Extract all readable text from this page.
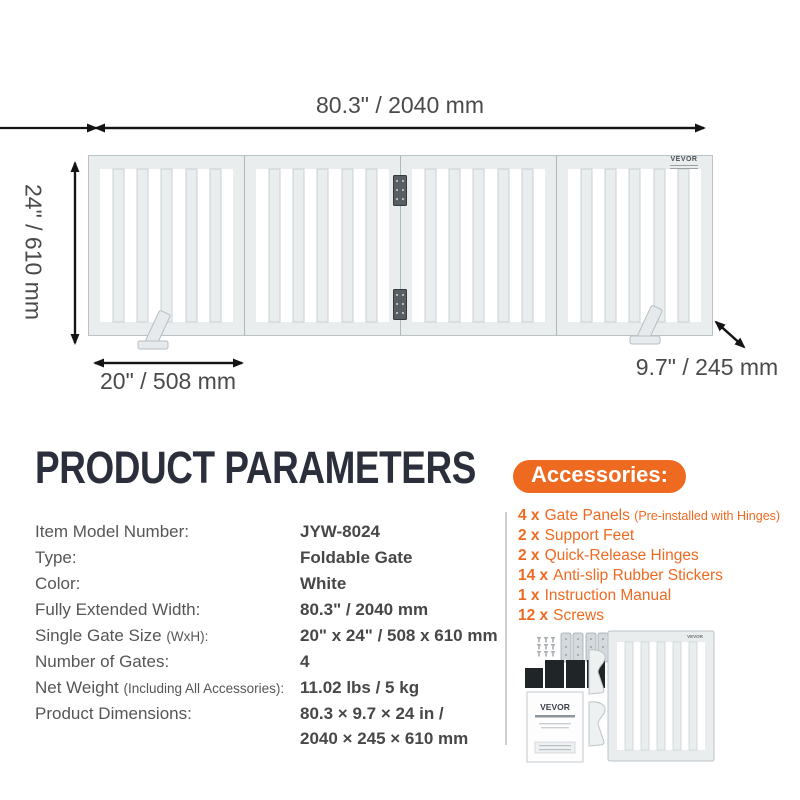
80.3" / 2040 mm
24" / 610 mm
20" / 508 mm
9.7" / 245 mm
VEVOR
PRODUCT PARAMETERS
Item Model Number:	JYW-8024
Type:	Foldable Gate
Color:	White
Fully Extended Width:	80.3" / 2040 mm
Single Gate Size (WxH):	20" x 24" / 508 x 610 mm
Number of Gates:	4
Net Weight (Including All Accessories): 11.02 lbs / 5 kg
Product Dimensions:	80.3 × 9.7 × 24 in /
2040 × 245 × 610 mm
Accessories:
4 x Gate Panels (Pre-installed with Hinges)
2 x Support Feet
2 x Quick-Release Hinges
14 x Anti-slip Rubber Stickers
1 x Instruction Manual
12 x Screws
VEVOR
VEVOR
